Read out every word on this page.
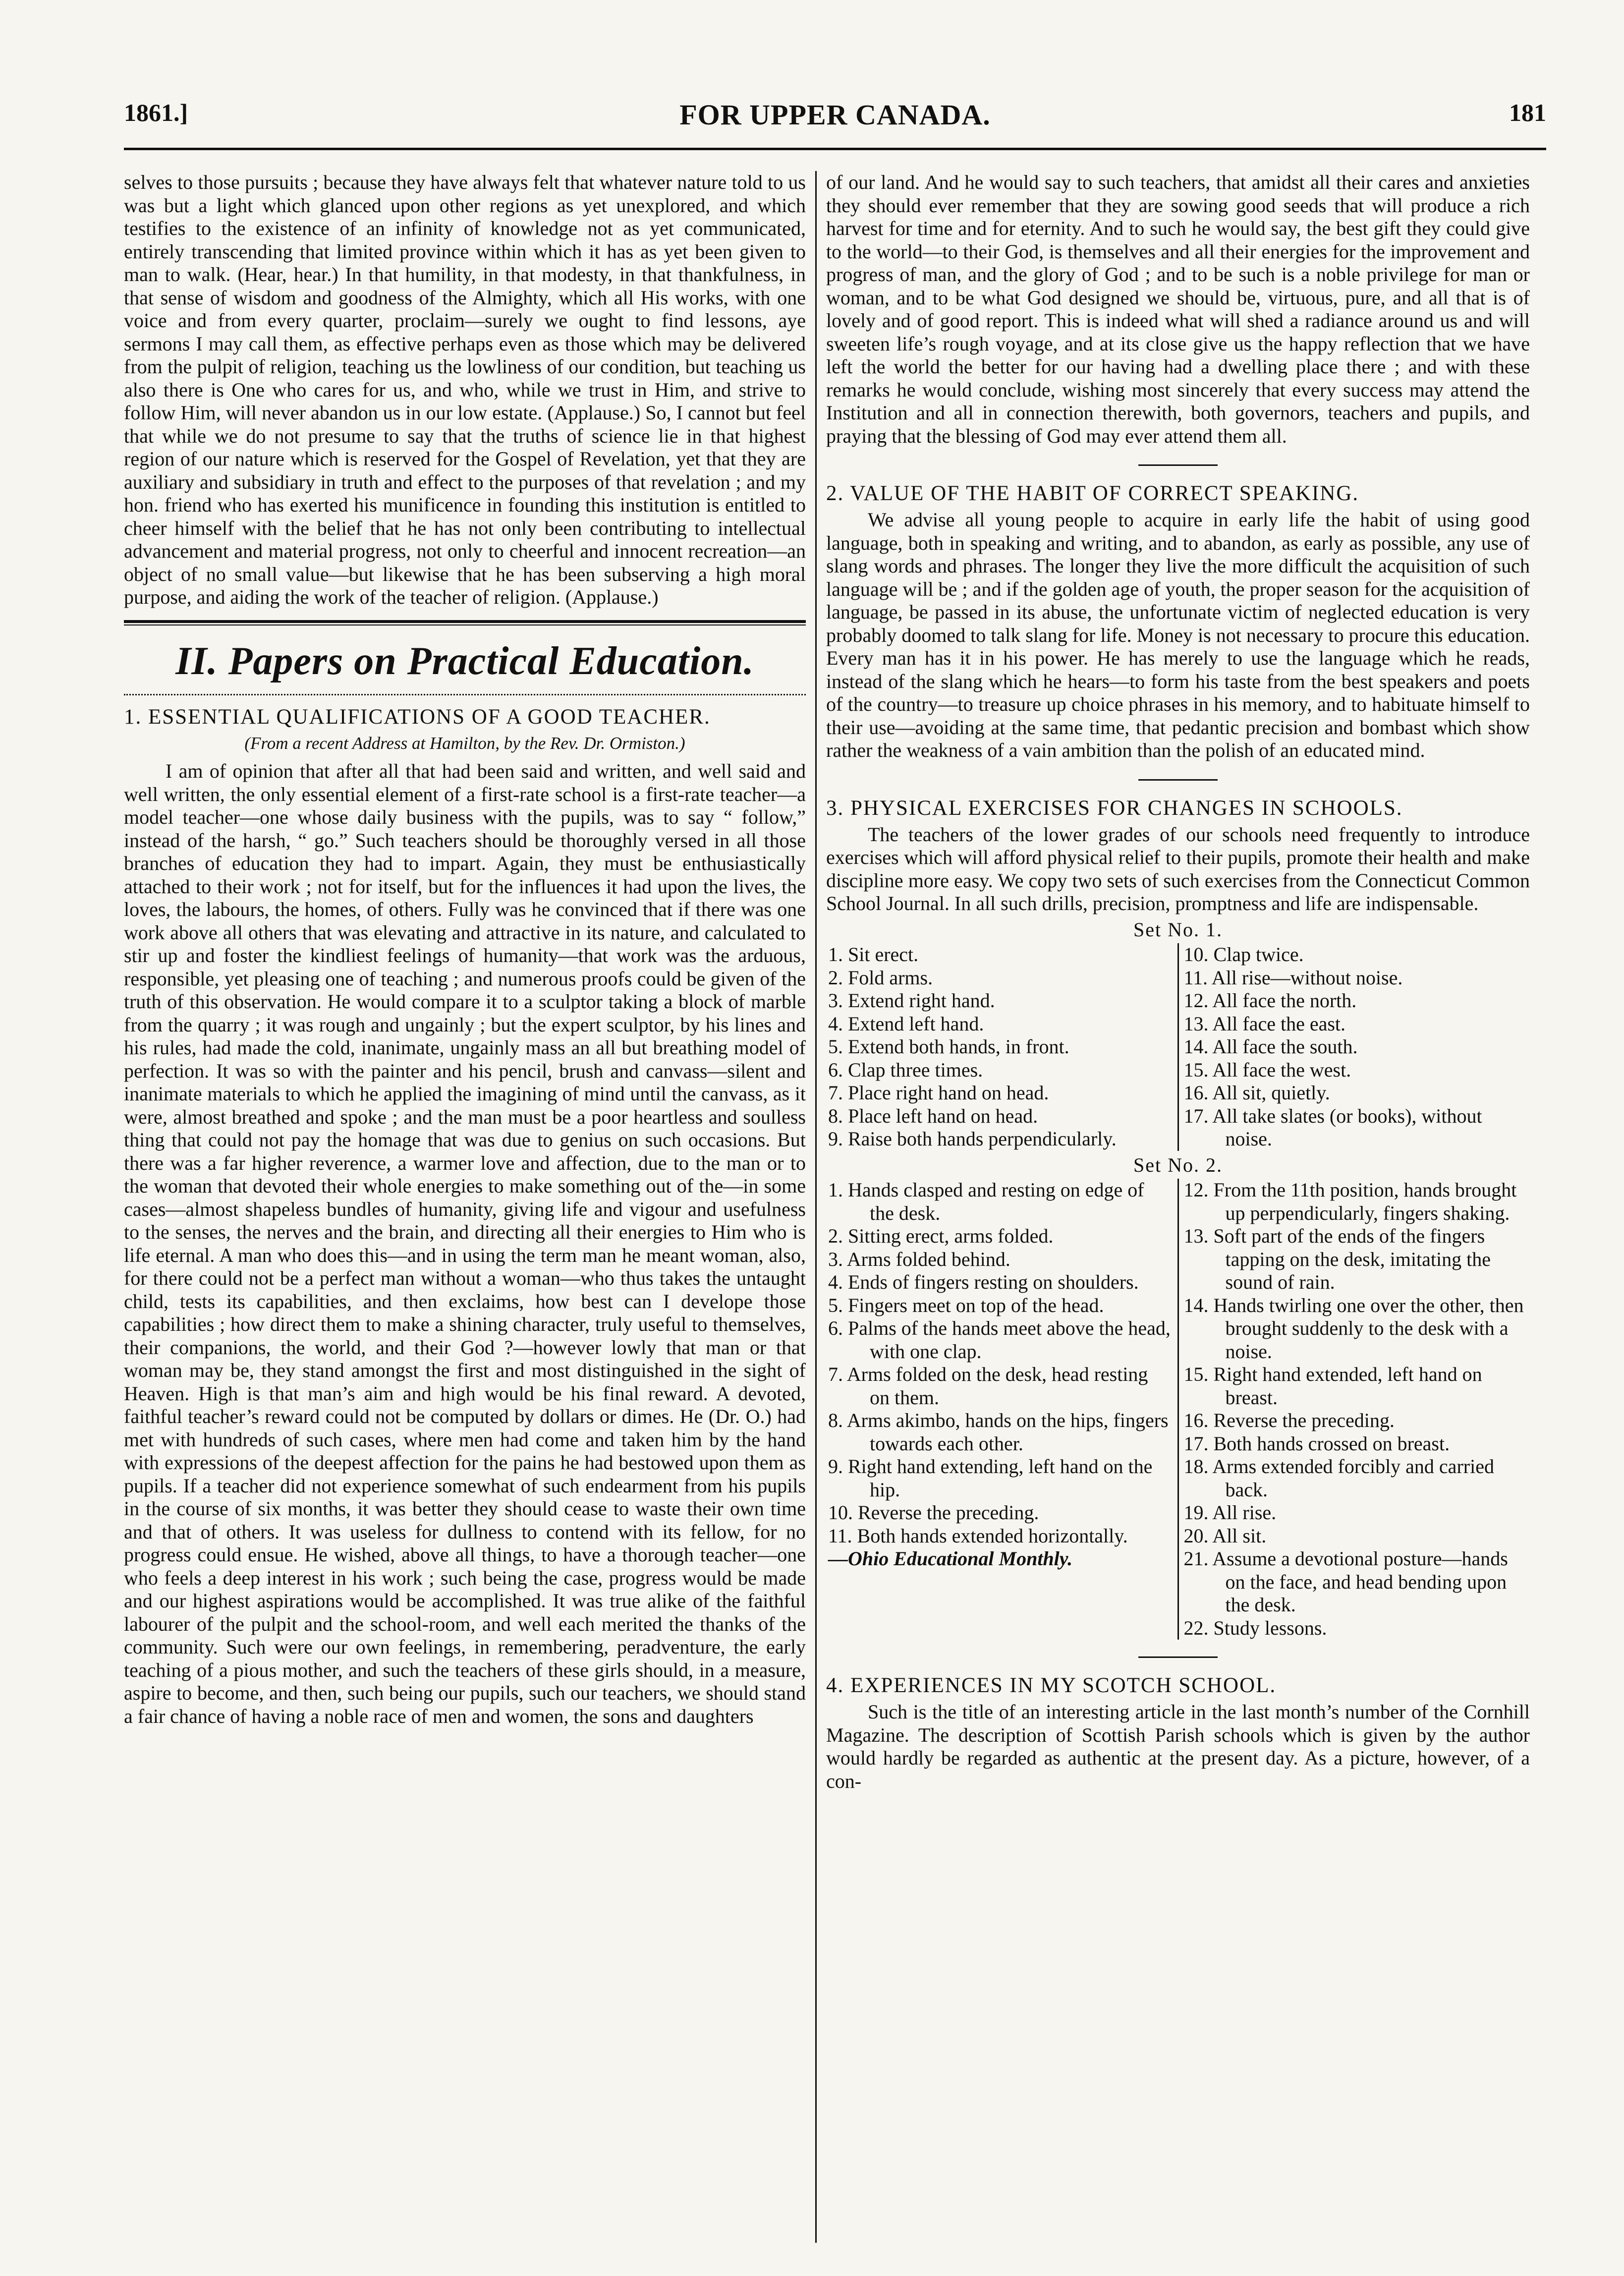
1861.]	FOR UPPER CANADA.	181

selves to those pursuits ; because they have always felt that whatever nature told to us was but a light which glanced upon other regions as yet unexplored, and which testifies to the existence of an infinity of knowledge not as yet communicated, entirely transcending that limited province within which it has as yet been given to man to walk. (Hear, hear.) In that humility, in that modesty, in that thankfulness, in that sense of wisdom and goodness of the Almighty, which all His works, with one voice and from every quarter, proclaim—surely we ought to find lessons, aye sermons I may call them, as effective perhaps even as those which may be delivered from the pulpit of religion, teaching us the lowliness of our condition, but teaching us also there is One who cares for us, and who, while we trust in Him, and strive to follow Him, will never abandon us in our low estate. (Applause.) So, I cannot but feel that while we do not presume to say that the truths of science lie in that highest region of our nature which is reserved for the Gospel of Revelation, yet that they are auxiliary and subsidiary in truth and effect to the purposes of that revelation ; and my hon. friend who has exerted his munificence in founding this institution is entitled to cheer himself with the belief that he has not only been contributing to intellectual advancement and material progress, not only to cheerful and innocent recreation—an object of no small value—but likewise that he has been subserving a high moral purpose, and aiding the work of the teacher of religion. (Applause.)

II. Papers on Practical Education.
1. ESSENTIAL QUALIFICATIONS OF A GOOD TEACHER.
(From a recent Address at Hamilton, by the Rev. Dr. Ormiston.)

I am of opinion that after all that had been said and written, and well said and well written, the only essential element of a first-rate school is a first-rate teacher—a model teacher—one whose daily business with the pupils, was to say “ follow,” instead of the harsh, “ go.” Such teachers should be thoroughly versed in all those branches of education they had to impart. Again, they must be enthusiastically attached to their work ; not for itself, but for the influences it had upon the lives, the loves, the labours, the homes, of others. Fully was he convinced that if there was one work above all others that was elevating and attractive in its nature, and calculated to stir up and foster the kindliest feelings of humanity—that work was the arduous, responsible, yet pleasing one of teaching ; and numerous proofs could be given of the truth of this observation. He would compare it to a sculptor taking a block of marble from the quarry ; it was rough and ungainly ; but the expert sculptor, by his lines and his rules, had made the cold, inanimate, ungainly mass an all but breathing model of perfection. It was so with the painter and his pencil, brush and canvass—silent and inanimate materials to which he applied the imagining of mind until the canvass, as it were, almost breathed and spoke ; and the man must be a poor heartless and soulless thing that could not pay the homage that was due to genius on such occasions. But there was a far higher reverence, a warmer love and affection, due to the man or to the woman that devoted their whole energies to make something out of the—in some cases—almost shapeless bundles of humanity, giving life and vigour and usefulness to the senses, the nerves and the brain, and directing all their energies to Him who is life eternal. A man who does this—and in using the term man he meant woman, also, for there could not be a perfect man without a woman—who thus takes the untaught child, tests its capabilities, and then exclaims, how best can I develope those capabilities ; how direct them to make a shining character, truly useful to themselves, their companions, the world, and their God ?—however lowly that man or that woman may be, they stand amongst the first and most distinguished in the sight of Heaven. High is that man’s aim and high would be his final reward. A devoted, faithful teacher’s reward could not be computed by dollars or dimes. He (Dr. O.) had met with hundreds of such cases, where men had come and taken him by the hand with expressions of the deepest affection for the pains he had bestowed upon them as pupils. If a teacher did not experience somewhat of such endearment from his pupils in the course of six months, it was better they should cease to waste their own time and that of others. It was useless for dullness to contend with its fellow, for no progress could ensue. He wished, above all things, to have a thorough teacher—one who feels a deep interest in his work ; such being the case, progress would be made and our highest aspirations would be accomplished. It was true alike of the faithful labourer of the pulpit and the school-room, and well each merited the thanks of the community. Such were our own feelings, in remembering, peradventure, the early teaching of a pious mother, and such the teachers of these girls should, in a measure, aspire to become, and then, such being our pupils, such our teachers, we should stand a fair chance of having a noble race of men and women, the sons and daughters

of our land. And he would say to such teachers, that amidst all their cares and anxieties they should ever remember that they are sowing good seeds that will produce a rich harvest for time and for eternity. And to such he would say, the best gift they could give to the world—to their God, is themselves and all their energies for the improvement and progress of man, and the glory of God ; and to be such is a noble privilege for man or woman, and to be what God designed we should be, virtuous, pure, and all that is of lovely and of good report. This is indeed what will shed a radiance around us and will sweeten life’s rough voyage, and at its close give us the happy reflection that we have left the world the better for our having had a dwelling place there ; and with these remarks he would conclude, wishing most sincerely that every success may attend the Institution and all in connection therewith, both governors, teachers and pupils, and praying that the blessing of God may ever attend them all.

2. VALUE OF THE HABIT OF CORRECT SPEAKING.

We advise all young people to acquire in early life the habit of using good language, both in speaking and writing, and to abandon, as early as possible, any use of slang words and phrases. The longer they live the more difficult the acquisition of such language will be ; and if the golden age of youth, the proper season for the acquisition of language, be passed in its abuse, the unfortunate victim of neglected education is very probably doomed to talk slang for life. Money is not necessary to procure this education. Every man has it in his power. He has merely to use the language which he reads, instead of the slang which he hears—to form his taste from the best speakers and poets of the country—to treasure up choice phrases in his memory, and to habituate himself to their use—avoiding at the same time, that pedantic precision and bombast which show rather the weakness of a vain ambition than the polish of an educated mind.

3. PHYSICAL EXERCISES FOR CHANGES IN SCHOOLS.

The teachers of the lower grades of our schools need frequently to introduce exercises which will afford physical relief to their pupils, promote their health and make discipline more easy. We copy two sets of such exercises from the Connecticut Common School Journal. In all such drills, precision, promptness and life are indispensable.

Set No. 1.
1. Sit erect.
2. Fold arms.
3. Extend right hand.
4. Extend left hand.
5. Extend both hands, in front.
6. Clap three times.
7. Place right hand on head.
8. Place left hand on head.
9. Raise both hands perpendicularly.
10. Clap twice.
11. All rise—without noise.
12. All face the north.
13. All face the east.
14. All face the south.
15. All face the west.
16. All sit, quietly.
17. All take slates (or books), without noise.
Set No. 2.
1. Hands clasped and resting on edge of the desk.
2. Sitting erect, arms folded.
3. Arms folded behind.
4. Ends of fingers resting on shoulders.
5. Fingers meet on top of the head.
6. Palms of the hands meet above the head, with one clap.
7. Arms folded on the desk, head resting on them.
8. Arms akimbo, hands on the hips, fingers towards each other.
9. Right hand extending, left hand on the hip.
10. Reverse the preceding.
11. Both hands extended horizontally.
—Ohio Educational Monthly.
12. From the 11th position, hands brought up perpendicularly, fingers shaking.
13. Soft part of the ends of the fingers tapping on the desk, imitating the sound of rain.
14. Hands twirling one over the other, then brought suddenly to the desk with a noise.
15. Right hand extended, left hand on breast.
16. Reverse the preceding.
17. Both hands crossed on breast.
18. Arms extended forcibly and carried back.
19. All rise.
20. All sit.
21. Assume a devotional posture—hands on the face, and head bending upon the desk.
22. Study lessons.
4. EXPERIENCES IN MY SCOTCH SCHOOL.

Such is the title of an interesting article in the last month’s number of the Cornhill Magazine. The description of Scottish Parish schools which is given by the author would hardly be regarded as authentic at the present day. As a picture, however, of a con-
